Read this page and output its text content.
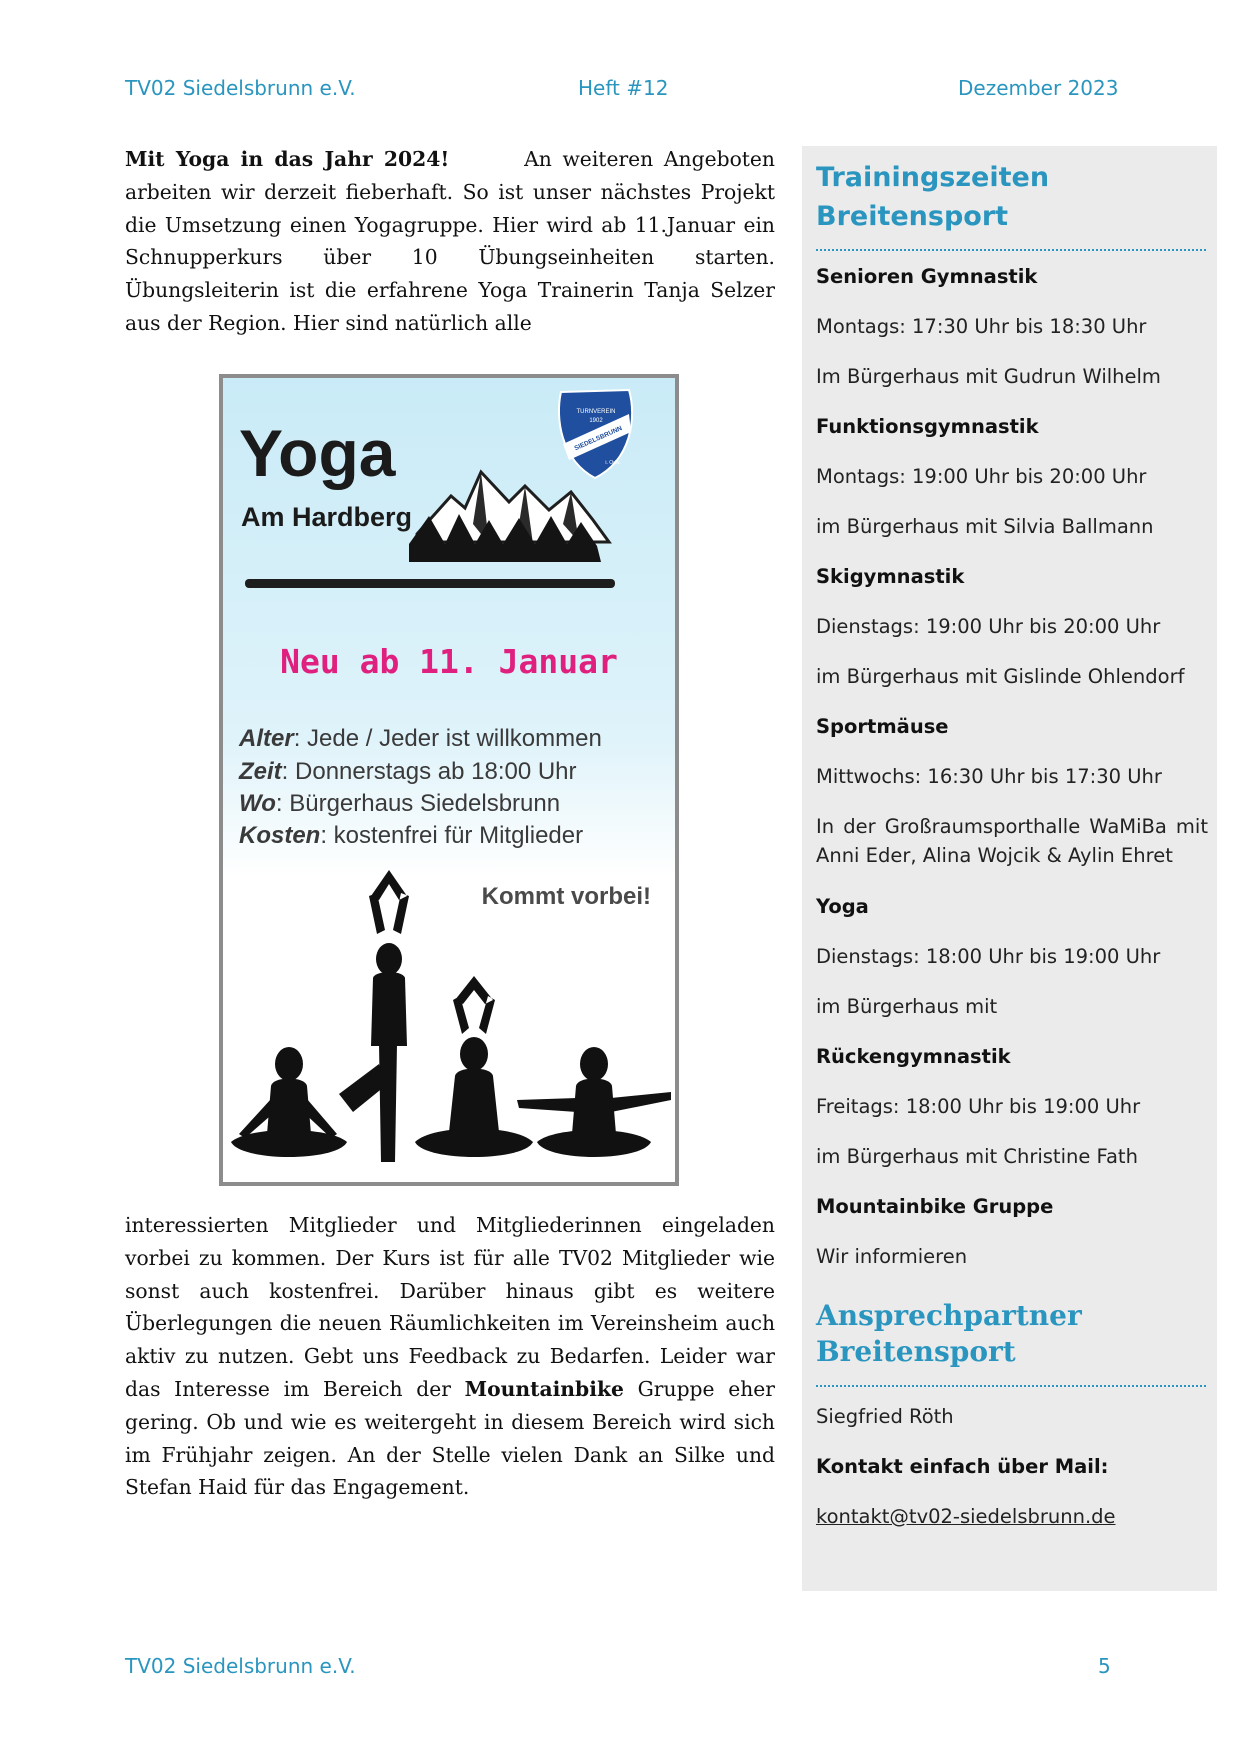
TV02 Siedelsbrunn e.V.	Heft #12	Dezember 2023

Mit Yoga in das Jahr 2024!	An weiteren Angeboten arbeiten wir derzeit fieberhaft. So ist unser nächstes Projekt die Umsetzung einen Yogagruppe. Hier wird ab 11.Januar ein Schnupperkurs über 10 Übungseinheiten starten. Übungsleiterin ist die erfahrene Yoga Trainerin Tanja Selzer aus der Region. Hier sind natürlich alle

TURNVEREIN
1902
SIEDELSBRUNN
i. Odw.
Yoga
Am Hardberg
Neu ab 11. Januar
Alter: Jede / Jeder ist willkommen
Zeit: Donnerstags ab 18:00 Uhr
Wo: Bürgerhaus Siedelsbrunn
Kosten: kostenfrei für Mitglieder
Kommt vorbei!

interessierten Mitglieder und Mitgliederinnen eingeladen vorbei zu kommen. Der Kurs ist für alle TV02 Mitglieder wie sonst auch kostenfrei. Darüber hinaus gibt es weitere Überlegungen die neuen Räumlichkeiten im Vereinsheim auch aktiv zu nutzen. Gebt uns Feedback zu Bedarfen. Leider war das Interesse im Bereich der Mountainbike Gruppe eher gering. Ob und wie es weitergeht in diesem Bereich wird sich im Frühjahr zeigen. An der Stelle vielen Dank an Silke und Stefan Haid für das Engagement.

Trainingszeiten
Breitensport

Senioren Gymnastik

Montags: 17:30 Uhr bis 18:30 Uhr

Im Bürgerhaus mit Gudrun Wilhelm

Funktionsgymnastik

Montags: 19:00 Uhr bis 20:00 Uhr

im Bürgerhaus mit Silvia Ballmann

Skigymnastik

Dienstags: 19:00 Uhr bis 20:00 Uhr

im Bürgerhaus mit Gislinde Ohlendorf

Sportmäuse

Mittwochs: 16:30 Uhr bis 17:30 Uhr

In der Großraumsporthalle WaMiBa mit Anni Eder, Alina Wojcik & Aylin Ehret

Yoga

Dienstags: 18:00 Uhr bis 19:00 Uhr

im Bürgerhaus mit

Rückengymnastik

Freitags: 18:00 Uhr bis 19:00 Uhr

im Bürgerhaus mit Christine Fath

Mountainbike Gruppe

Wir informieren

Ansprechpartner
Breitensport

Siegfried Röth

Kontakt einfach über Mail:

kontakt@tv02-siedelsbrunn.de

TV02 Siedelsbrunn e.V.	5
